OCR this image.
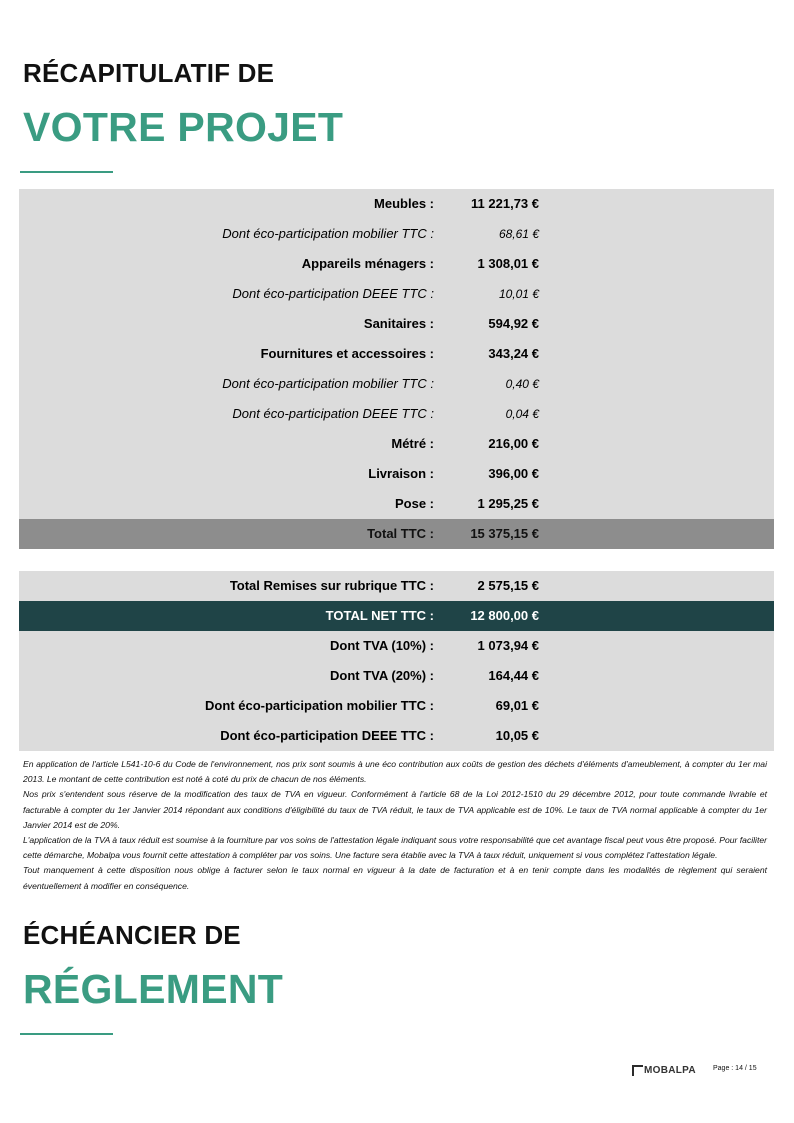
RÉCAPITULATIF DE
VOTRE PROJET
Meubles :	11 221,73 €
Dont éco-participation mobilier TTC :	68,61 €
Appareils ménagers :	1 308,01 €
Dont éco-participation DEEE TTC :	10,01 €
Sanitaires :	594,92 €
Fournitures et accessoires :	343,24 €
Dont éco-participation mobilier TTC :	0,40 €
Dont éco-participation DEEE TTC :	0,04 €
Métré :	216,00 €
Livraison :	396,00 €
Pose :	1 295,25 €
Total TTC :	15 375,15 €
Total Remises sur rubrique TTC :	2 575,15 €
TOTAL NET TTC :	12 800,00 €
Dont TVA (10%) :	1 073,94 €
Dont TVA (20%) :	164,44 €
Dont éco-participation mobilier TTC :	69,01 €
Dont éco-participation DEEE TTC :	10,05 €

En application de l'article L541-10-6 du Code de l'environnement, nos prix sont soumis à une éco contribution aux coûts de gestion des déchets d'éléments d'ameublement, à compter du 1er mai 2013. Le montant de cette contribution est noté à coté du prix de chacun de nos éléments.

Nos prix s'entendent sous réserve de la modification des taux de TVA en vigueur. Conformément à l'article 68 de la Loi 2012-1510 du 29 décembre 2012, pour toute commande livrable et facturable à compter du 1er Janvier 2014 répondant aux conditions d'éligibilité du taux de TVA réduit, le taux de TVA applicable est de 10%. Le taux de TVA normal applicable à compter du 1er Janvier 2014 est de 20%.

L'application de la TVA à taux réduit est soumise à la fourniture par vos soins de l'attestation légale indiquant sous votre responsabilité que cet avantage fiscal peut vous être proposé. Pour faciliter cette démarche, Mobalpa vous fournit cette attestation à compléter par vos soins. Une facture sera établie avec la TVA à taux réduit, uniquement si vous complétez l'attestation légale.

Tout manquement à cette disposition nous oblige à facturer selon le taux normal en vigueur à la date de facturation et à en tenir compte dans les modalités de règlement qui seraient éventuellement à modifier en conséquence.

ÉCHÉANCIER DE
RÉGLEMENT
MOBALPA Page : 14 / 15
